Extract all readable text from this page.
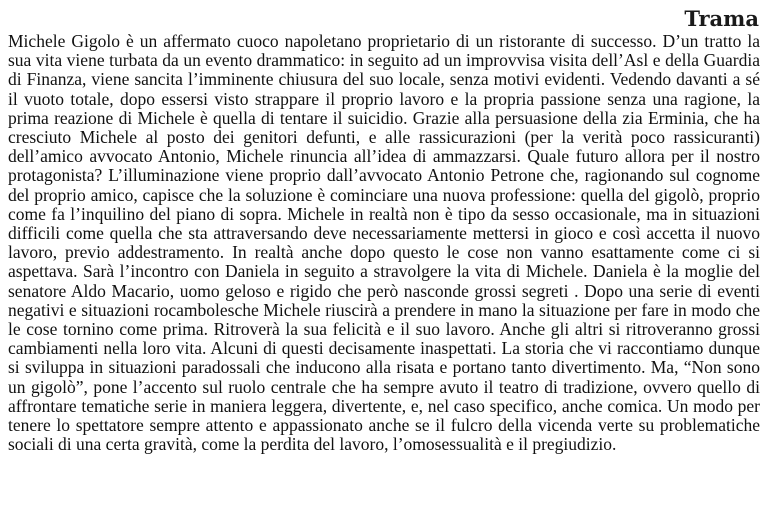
Trama

Michele Gigolo è un affermato cuoco napoletano proprietario di un ristorante di successo. D’un tratto la sua vita viene turbata da un evento drammatico: in seguito ad un improvvisa visita dell’Asl e della Guardia di Finanza, viene sancita l’imminente chiusura del suo locale, senza motivi evidenti. Vedendo davanti a sé il vuoto totale, dopo essersi visto strappare il proprio lavoro e la propria passione senza una ragione, la prima reazione di Michele è quella di tentare il suicidio. Grazie alla persuasione della zia Erminia, che ha cresciuto Michele al posto dei genitori defunti, e alle rassicurazioni (per la verità poco rassicuranti) dell’amico avvocato Antonio, Michele rinuncia all’idea di ammazzarsi. Quale futuro allora per il nostro protagonista? L’illuminazione viene proprio dall’avvocato Antonio Petrone che, ragionando sul cognome del proprio amico, capisce che la soluzione è cominciare una nuova professione: quella del gigolò, proprio come fa l’inquilino del piano di sopra. Michele in realtà non è tipo da sesso occasionale, ma in situazioni difficili come quella che sta attraversando deve necessariamente mettersi in gioco e così accetta il nuovo lavoro, previo addestramento. In realtà anche dopo questo le cose non vanno esattamente come ci si aspettava. Sarà l’incontro con Daniela in seguito a stravolgere la vita di Michele. Daniela è la moglie del senatore Aldo Macario, uomo geloso e rigido che però nasconde grossi segreti . Dopo una serie di eventi negativi e situazioni rocambolesche Michele riuscirà a prendere in mano la situazione per fare in modo che le cose tornino come prima. Ritroverà la sua felicità e il suo lavoro. Anche gli altri si ritroveranno grossi cambiamenti nella loro vita. Alcuni di questi decisamente inaspettati. La storia che vi raccontiamo dunque si sviluppa in situazioni paradossali che inducono alla risata e portano tanto divertimento. Ma, “Non sono un gigolò”, pone l’accento sul ruolo centrale che ha sempre avuto il teatro di tradizione, ovvero quello di affrontare tematiche serie in maniera leggera, divertente, e, nel caso specifico, anche comica. Un modo per tenere lo spettatore sempre attento e appassionato anche se il fulcro della vicenda verte su problematiche sociali di una certa gravità, come la perdita del lavoro, l’omosessualità e il pregiudizio.
